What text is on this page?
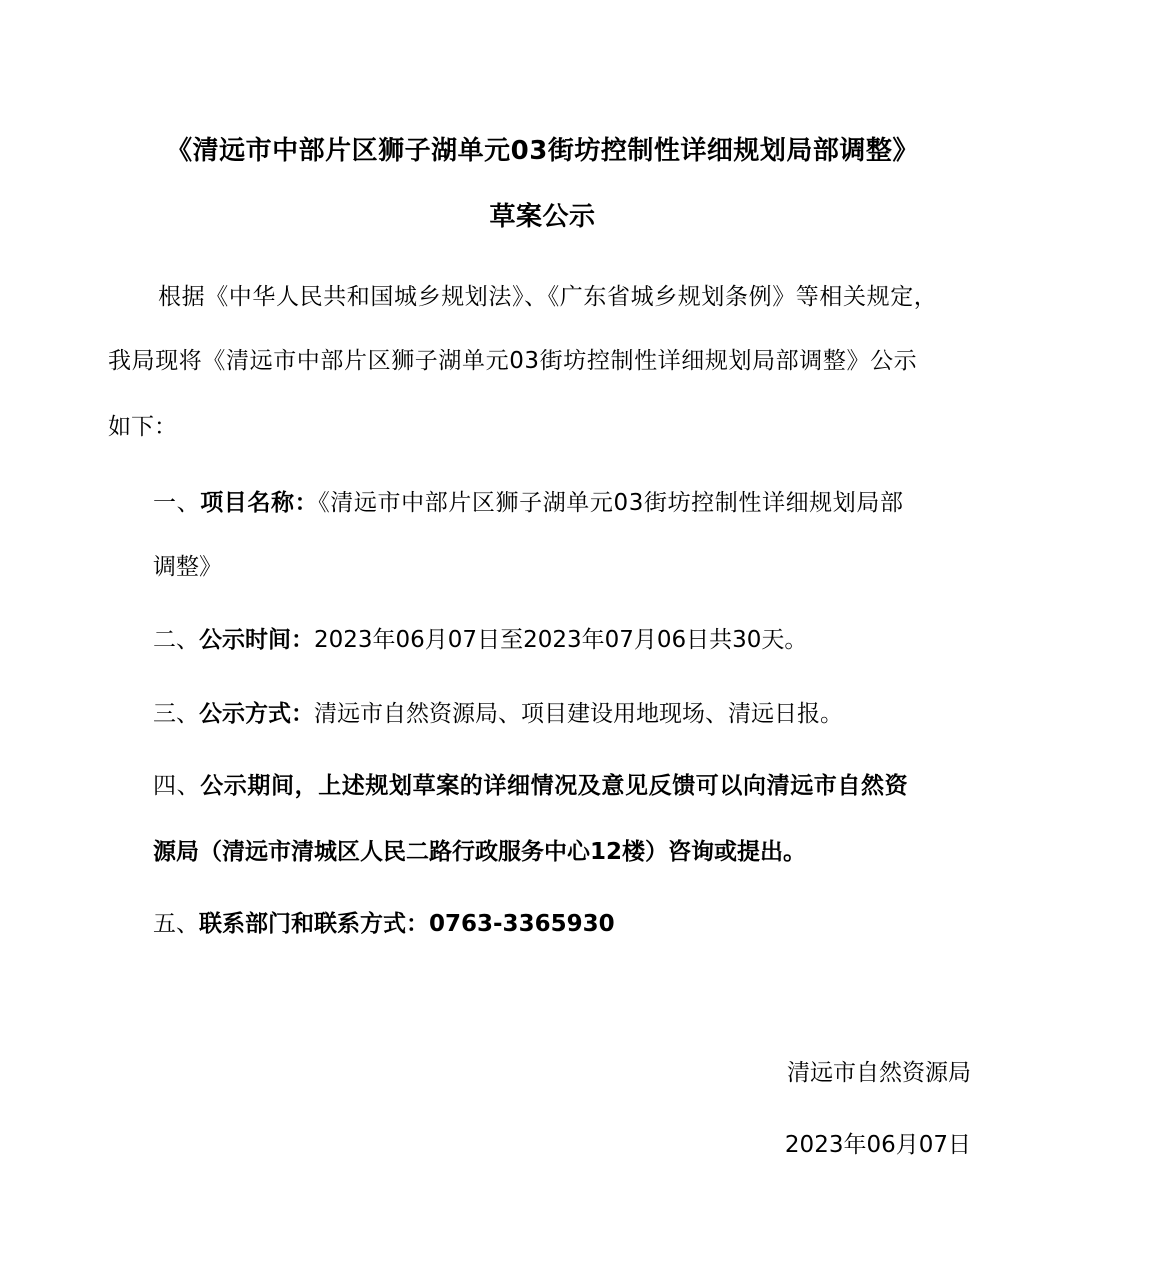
《清远市中部片区狮子湖单元03街坊控制性详细规划局部调整》
草案公示
根据《中华人民共和国城乡规划法》、《广东省城乡规划条例》等相关规定，
我局现将《清远市中部片区狮子湖单元03街坊控制性详细规划局部调整》公示
如下：
一、项目名称：《清远市中部片区狮子湖单元03街坊控制性详细规划局部
调整》
二、公示时间：2023年06月07日至2023年07月06日共30天。
三、公示方式：清远市自然资源局、项目建设用地现场、清远日报。
四、公示期间，上述规划草案的详细情况及意见反馈可以向清远市自然资
源局（清远市清城区人民二路行政服务中心12楼）咨询或提出。
五、联系部门和联系方式：0763-3365930
清远市自然资源局
2023年06月07日
